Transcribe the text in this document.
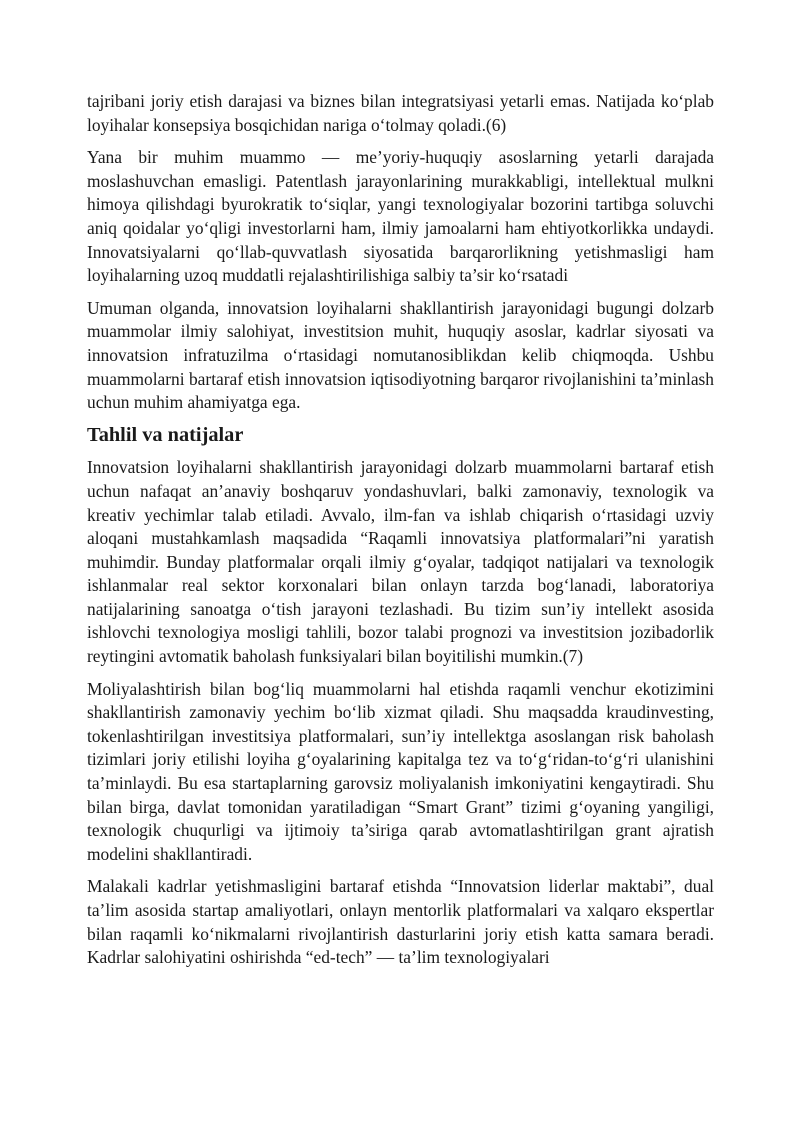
tajribani joriy etish darajasi va biznes bilan integratsiyasi yetarli emas. Natijada ko‘plab loyihalar konsepsiya bosqichidan nariga o‘tolmay qoladi.(6)

Yana bir muhim muammo — me’yoriy-huquqiy asoslarning yetarli darajada moslashuvchan emasligi. Patentlash jarayonlarining murakkabligi, intellektual mulkni himoya qilishdagi byurokratik to‘siqlar, yangi texnologiyalar bozorini tartibga soluvchi aniq qoidalar yo‘qligi investorlarni ham, ilmiy jamoalarni ham ehtiyotkorlikka undaydi. Innovatsiyalarni qo‘llab-quvvatlash siyosatida barqarorlikning yetishmasligi ham loyihalarning uzoq muddatli rejalashtirilishiga salbiy ta’sir ko‘rsatadi

Umuman olganda, innovatsion loyihalarni shakllantirish jarayonidagi bugungi dolzarb muammolar ilmiy salohiyat, investitsion muhit, huquqiy asoslar, kadrlar siyosati va innovatsion infratuzilma o‘rtasidagi nomutanosiblikdan kelib chiqmoqda. Ushbu muammolarni bartaraf etish innovatsion iqtisodiyotning barqaror rivojlanishini ta’minlash uchun muhim ahamiyatga ega.

Tahlil va natijalar

Innovatsion loyihalarni shakllantirish jarayonidagi dolzarb muammolarni bartaraf etish uchun nafaqat an’anaviy boshqaruv yondashuvlari, balki zamonaviy, texnologik va kreativ yechimlar talab etiladi. Avvalo, ilm-fan va ishlab chiqarish o‘rtasidagi uzviy aloqani mustahkamlash maqsadida “Raqamli innovatsiya platformalari”ni yaratish muhimdir. Bunday platformalar orqali ilmiy g‘oyalar, tadqiqot natijalari va texnologik ishlanmalar real sektor korxonalari bilan onlayn tarzda bog‘lanadi, laboratoriya natijalarining sanoatga o‘tish jarayoni tezlashadi. Bu tizim sun’iy intellekt asosida ishlovchi texnologiya mosligi tahlili, bozor talabi prognozi va investitsion jozibadorlik reytingini avtomatik baholash funksiyalari bilan boyitilishi mumkin.(7)

Moliyalashtirish bilan bog‘liq muammolarni hal etishda raqamli venchur ekotizimini shakllantirish zamonaviy yechim bo‘lib xizmat qiladi. Shu maqsadda kraudinvesting, tokenlashtirilgan investitsiya platformalari, sun’iy intellektga asoslangan risk baholash tizimlari joriy etilishi loyiha g‘oyalarining kapitalga tez va to‘g‘ridan-to‘g‘ri ulanishini ta’minlaydi. Bu esa startaplarning garovsiz moliyalanish imkoniyatini kengaytiradi. Shu bilan birga, davlat tomonidan yaratiladigan “Smart Grant” tizimi g‘oyaning yangiligi, texnologik chuqurligi va ijtimoiy ta’siriga qarab avtomatlashtirilgan grant ajratish modelini shakllantiradi.

Malakali kadrlar yetishmasligini bartaraf etishda “Innovatsion liderlar maktabi”, dual ta’lim asosida startap amaliyotlari, onlayn mentorlik platformalari va xalqaro ekspertlar bilan raqamli ko‘nikmalarni rivojlantirish dasturlarini joriy etish katta samara beradi. Kadrlar salohiyatini oshirishda “ed-tech” — ta’lim texnologiyalari
